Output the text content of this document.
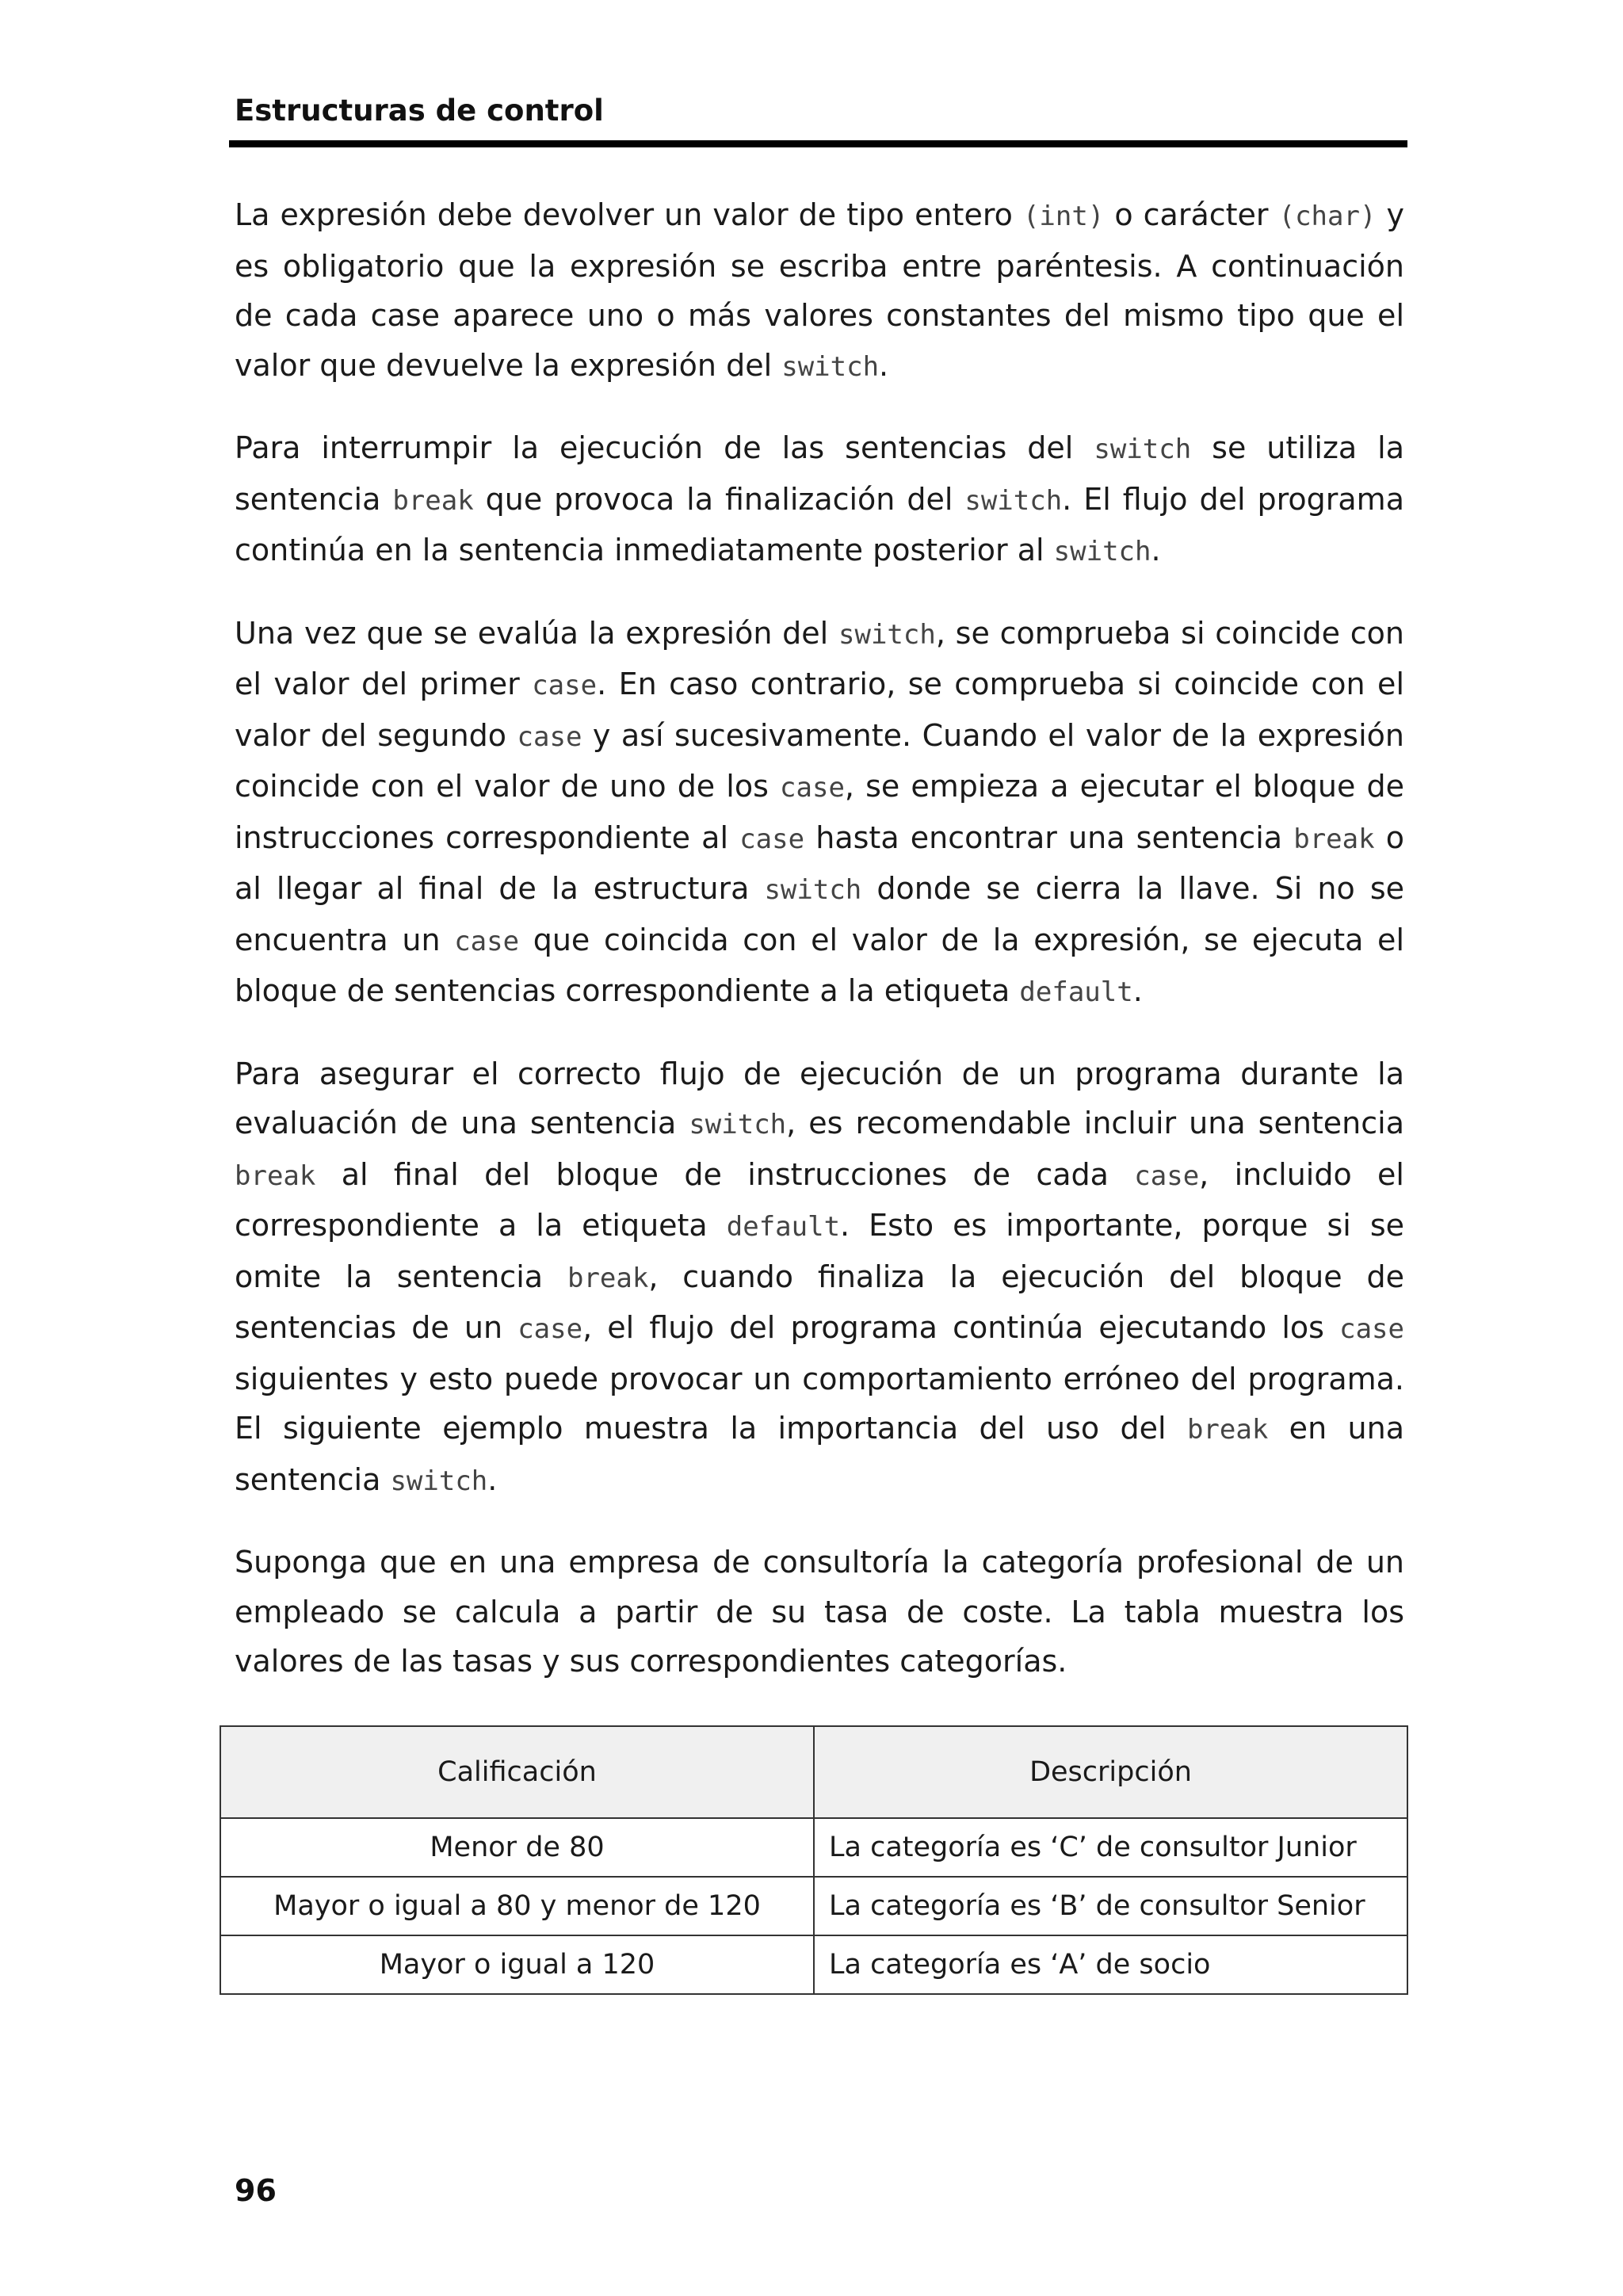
Estructuras de control

La expresión debe devolver un valor de tipo entero (int) o carácter (char) y es obligatorio que la expresión se escriba entre paréntesis. A continuación de cada case aparece uno o más valores constantes del mismo tipo que el valor que devuelve la expresión del switch.

Para interrumpir la ejecución de las sentencias del switch se utiliza la sentencia break que provoca la finalización del switch. El flujo del programa continúa en la sentencia inmediatamente posterior al switch.

Una vez que se evalúa la expresión del switch, se comprueba si coincide con el valor del primer case. En caso contrario, se comprueba si coincide con el valor del segundo case y así sucesivamente. Cuando el valor de la expresión coincide con el valor de uno de los case, se empieza a ejecutar el bloque de instrucciones correspondiente al case hasta encontrar una sentencia break o al llegar al final de la estructura switch donde se cierra la llave. Si no se encuentra un case que coincida con el valor de la expresión, se ejecuta el bloque de sentencias correspondiente a la etiqueta default.

Para asegurar el correcto flujo de ejecución de un programa durante la evaluación de una sentencia switch, es recomendable incluir una sentencia break al final del bloque de instrucciones de cada case, incluido el correspondiente a la etiqueta default. Esto es importante, porque si se omite la sentencia break, cuando finaliza la ejecución del bloque de sentencias de un case, el flujo del programa continúa ejecutando los case siguientes y esto puede provocar un comportamiento erróneo del programa. El siguiente ejemplo muestra la importancia del uso del break en una sentencia switch.

Suponga que en una empresa de consultoría la categoría profesional de un empleado se calcula a partir de su tasa de coste. La tabla muestra los valores de las tasas y sus correspondientes categorías.

Calificación	Descripción
Menor de 80	La categoría es ‘C’ de consultor Junior
Mayor o igual a 80 y menor de 120	La categoría es ‘B’ de consultor Senior
Mayor o igual a 120	La categoría es ‘A’ de socio
96
